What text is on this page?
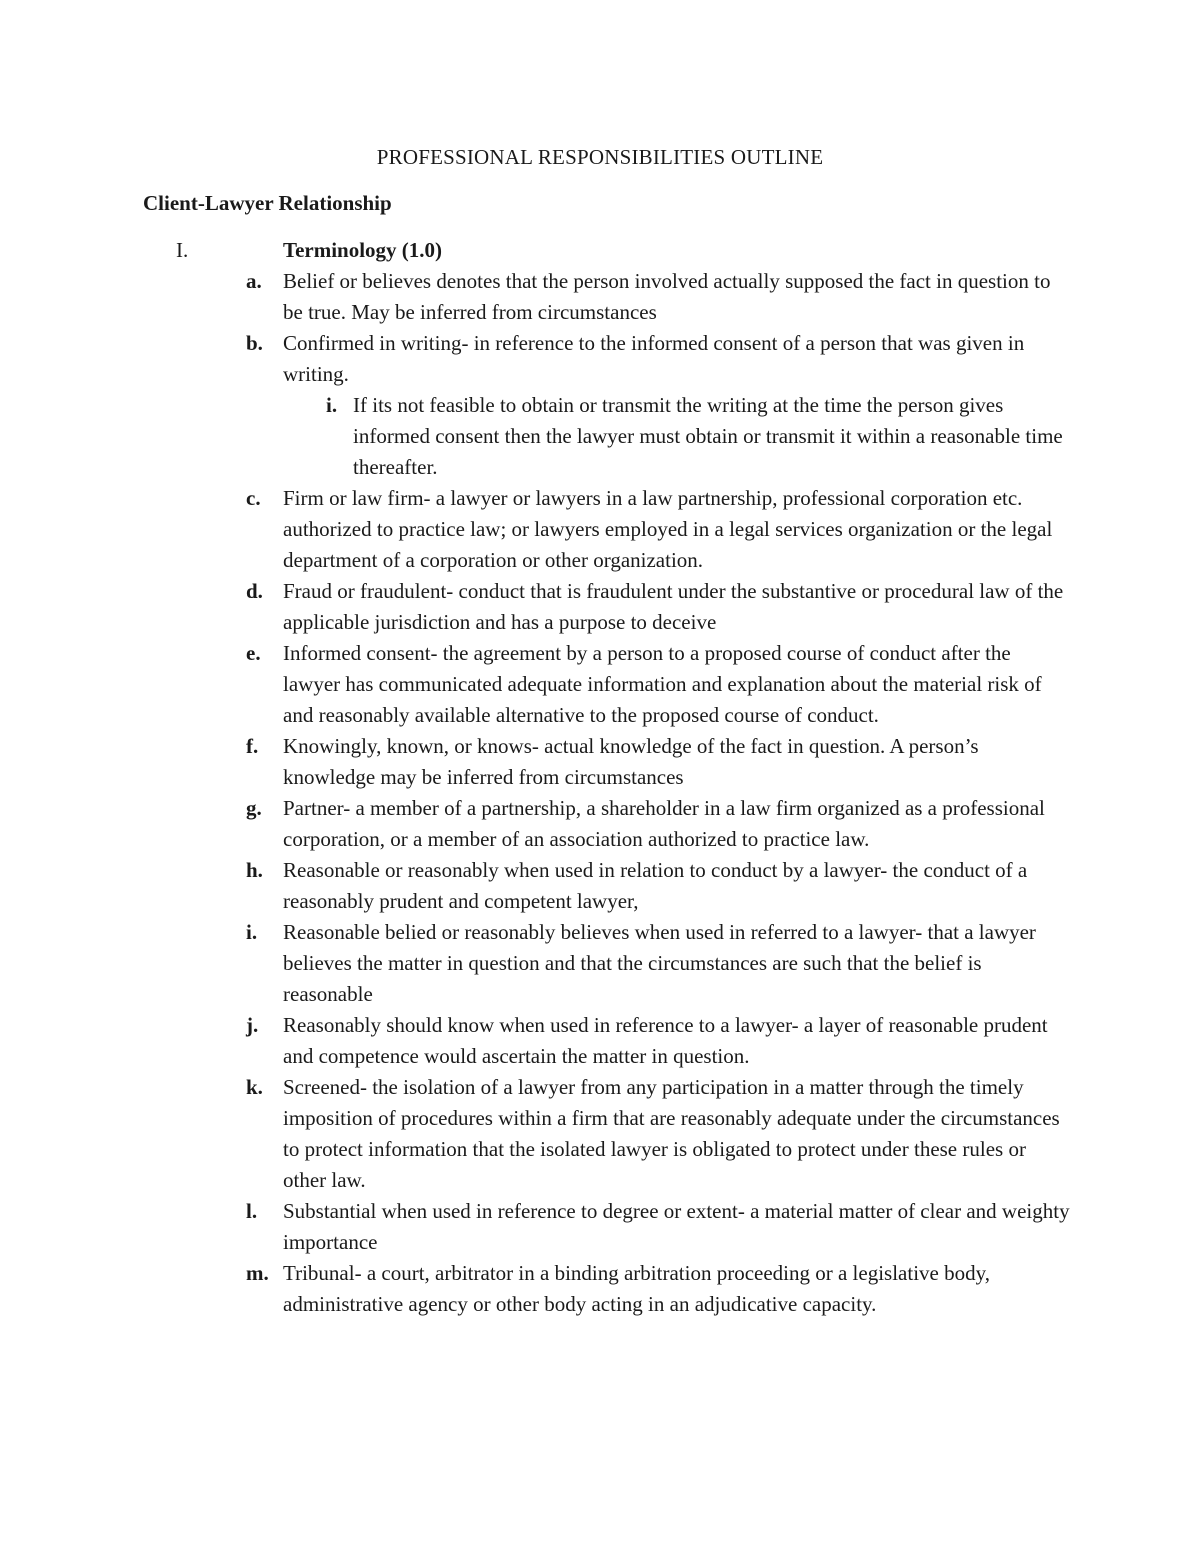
PROFESSIONAL RESPONSIBILITIES OUTLINE
Client-Lawyer Relationship
I.	Terminology (1.0)
a. Belief or believes denotes that the person involved actually supposed the fact in question to be true. May be inferred from circumstances
b. Confirmed in writing- in reference to the informed consent of a person that was given in writing.
i. If its not feasible to obtain or transmit the writing at the time the person gives informed consent then the lawyer must obtain or transmit it within a reasonable time thereafter.
c. Firm or law firm- a lawyer or lawyers in a law partnership, professional corporation etc. authorized to practice law; or lawyers employed in a legal services organization or the legal department of a corporation or other organization.
d. Fraud or fraudulent- conduct that is fraudulent under the substantive or procedural law of the applicable jurisdiction and has a purpose to deceive
e. Informed consent- the agreement by a person to a proposed course of conduct after the lawyer has communicated adequate information and explanation about the material risk of and reasonably available alternative to the proposed course of conduct.
f. Knowingly, known, or knows- actual knowledge of the fact in question. A person’s knowledge may be inferred from circumstances
g. Partner- a member of a partnership, a shareholder in a law firm organized as a professional corporation, or a member of an association authorized to practice law.
h. Reasonable or reasonably when used in relation to conduct by a lawyer- the conduct of a reasonably prudent and competent lawyer,
i. Reasonable belied or reasonably believes when used in referred to a lawyer- that a lawyer believes the matter in question and that the circumstances are such that the belief is reasonable
j. Reasonably should know when used in reference to a lawyer- a layer of reasonable prudent and competence would ascertain the matter in question.
k. Screened- the isolation of a lawyer from any participation in a matter through the timely imposition of procedures within a firm that are reasonably adequate under the circumstances to protect information that the isolated lawyer is obligated to protect under these rules or other law.
l. Substantial when used in reference to degree or extent- a material matter of clear and weighty importance
m. Tribunal- a court, arbitrator in a binding arbitration proceeding or a legislative body, administrative agency or other body acting in an adjudicative capacity.
